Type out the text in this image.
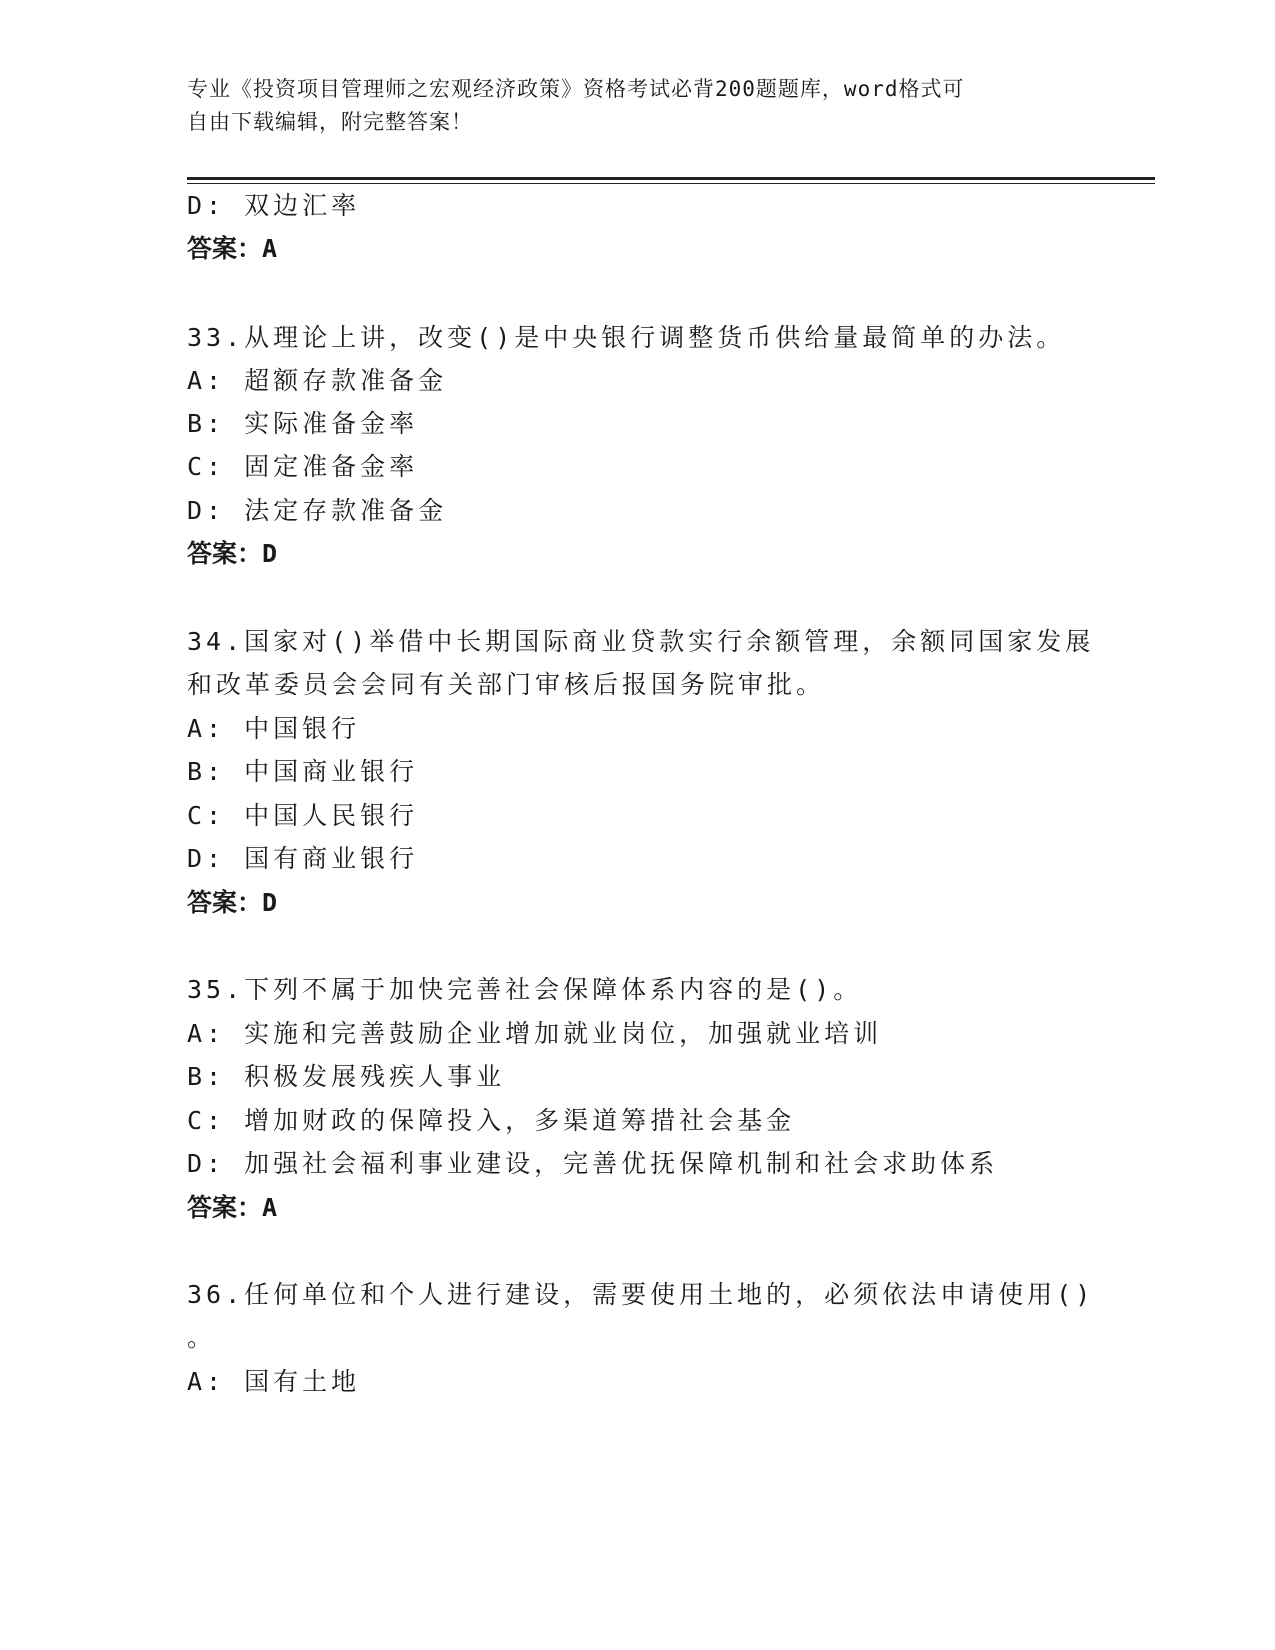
专业《投资项目管理师之宏观经济政策》资格考试必背200题题库，word格式可
自由下载编辑，附完整答案！
D: 双边汇率
答案：A
33.从理论上讲，改变()是中央银行调整货币供给量最简单的办法。
A: 超额存款准备金
B: 实际准备金率
C: 固定准备金率
D: 法定存款准备金
答案：D
34.国家对()举借中长期国际商业贷款实行余额管理，余额同国家发展
和改革委员会会同有关部门审核后报国务院审批。
A: 中国银行
B: 中国商业银行
C: 中国人民银行
D: 国有商业银行
答案：D
35.下列不属于加快完善社会保障体系内容的是()。
A: 实施和完善鼓励企业增加就业岗位，加强就业培训
B: 积极发展残疾人事业
C: 增加财政的保障投入，多渠道筹措社会基金
D: 加强社会福利事业建设，完善优抚保障机制和社会求助体系
答案：A
36.任何单位和个人进行建设，需要使用土地的，必须依法申请使用()
。
A: 国有土地
